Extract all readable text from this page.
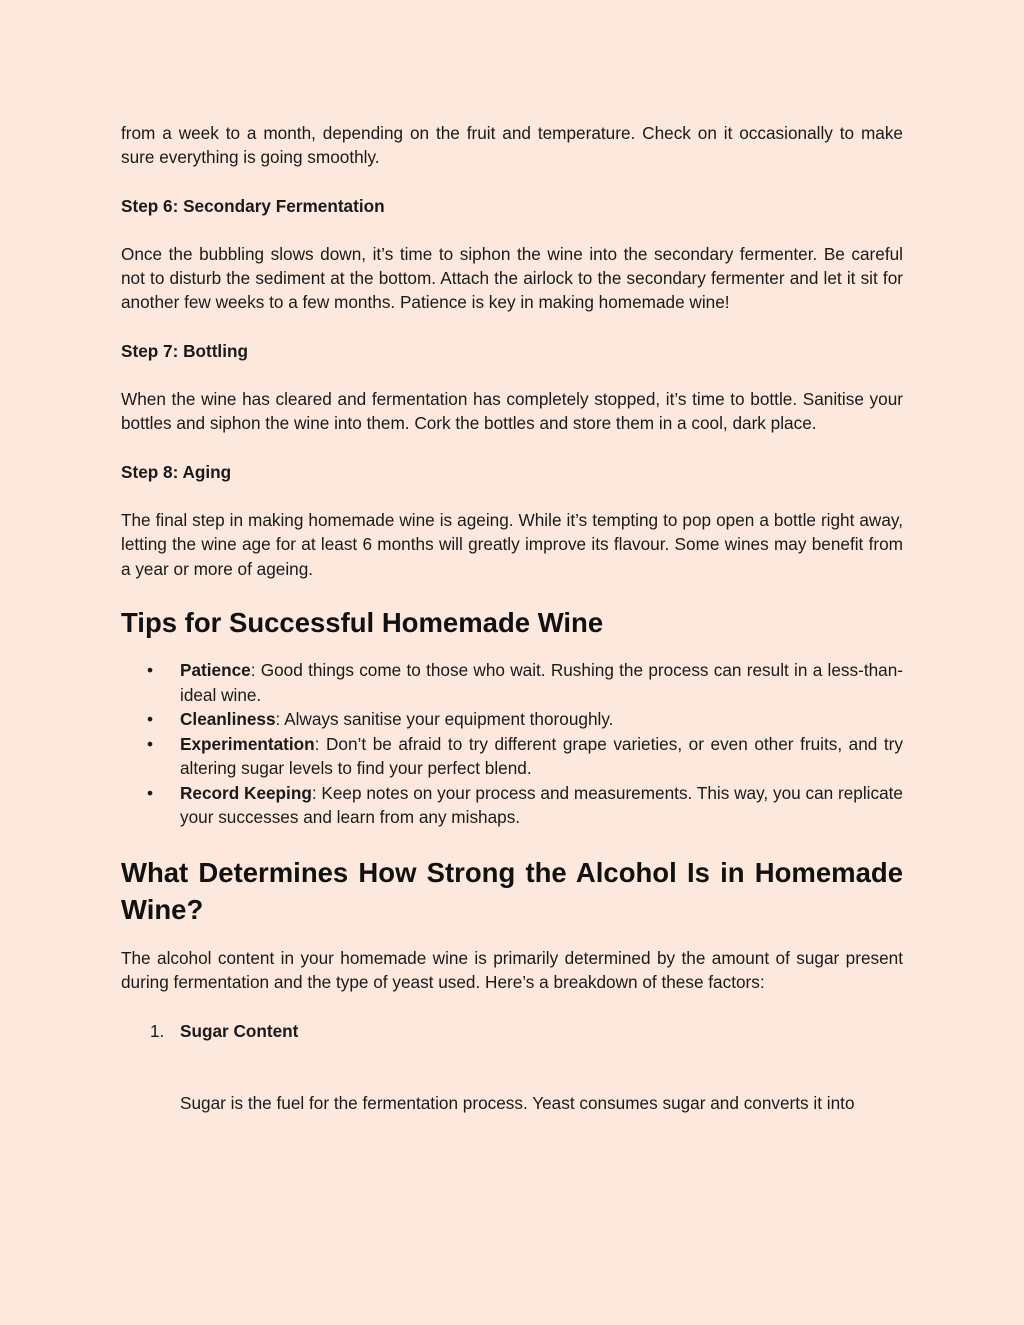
from a week to a month, depending on the fruit and temperature. Check on it occasionally to make sure everything is going smoothly.

Step 6: Secondary Fermentation

Once the bubbling slows down, it’s time to siphon the wine into the secondary fermenter. Be careful not to disturb the sediment at the bottom. Attach the airlock to the secondary fermenter and let it sit for another few weeks to a few months. Patience is key in making homemade wine!

Step 7: Bottling

When the wine has cleared and fermentation has completely stopped, it’s time to bottle. Sanitise your bottles and siphon the wine into them. Cork the bottles and store them in a cool, dark place.

Step 8: Aging

The final step in making homemade wine is ageing. While it’s tempting to pop open a bottle right away, letting the wine age for at least 6 months will greatly improve its flavour. Some wines may benefit from a year or more of ageing.

Tips for Successful Homemade Wine
• Patience: Good things come to those who wait. Rushing the process can result in a less-than-ideal wine.
• Cleanliness: Always sanitise your equipment thoroughly.
• Experimentation: Don’t be afraid to try different grape varieties, or even other fruits, and try altering sugar levels to find your perfect blend.
• Record Keeping: Keep notes on your process and measurements. This way, you can replicate your successes and learn from any mishaps.
What Determines How Strong the Alcohol Is in Homemade Wine?

The alcohol content in your homemade wine is primarily determined by the amount of sugar present during fermentation and the type of yeast used. Here’s a breakdown of these factors:

1. Sugar Content

Sugar is the fuel for the fermentation process. Yeast consumes sugar and converts it into
